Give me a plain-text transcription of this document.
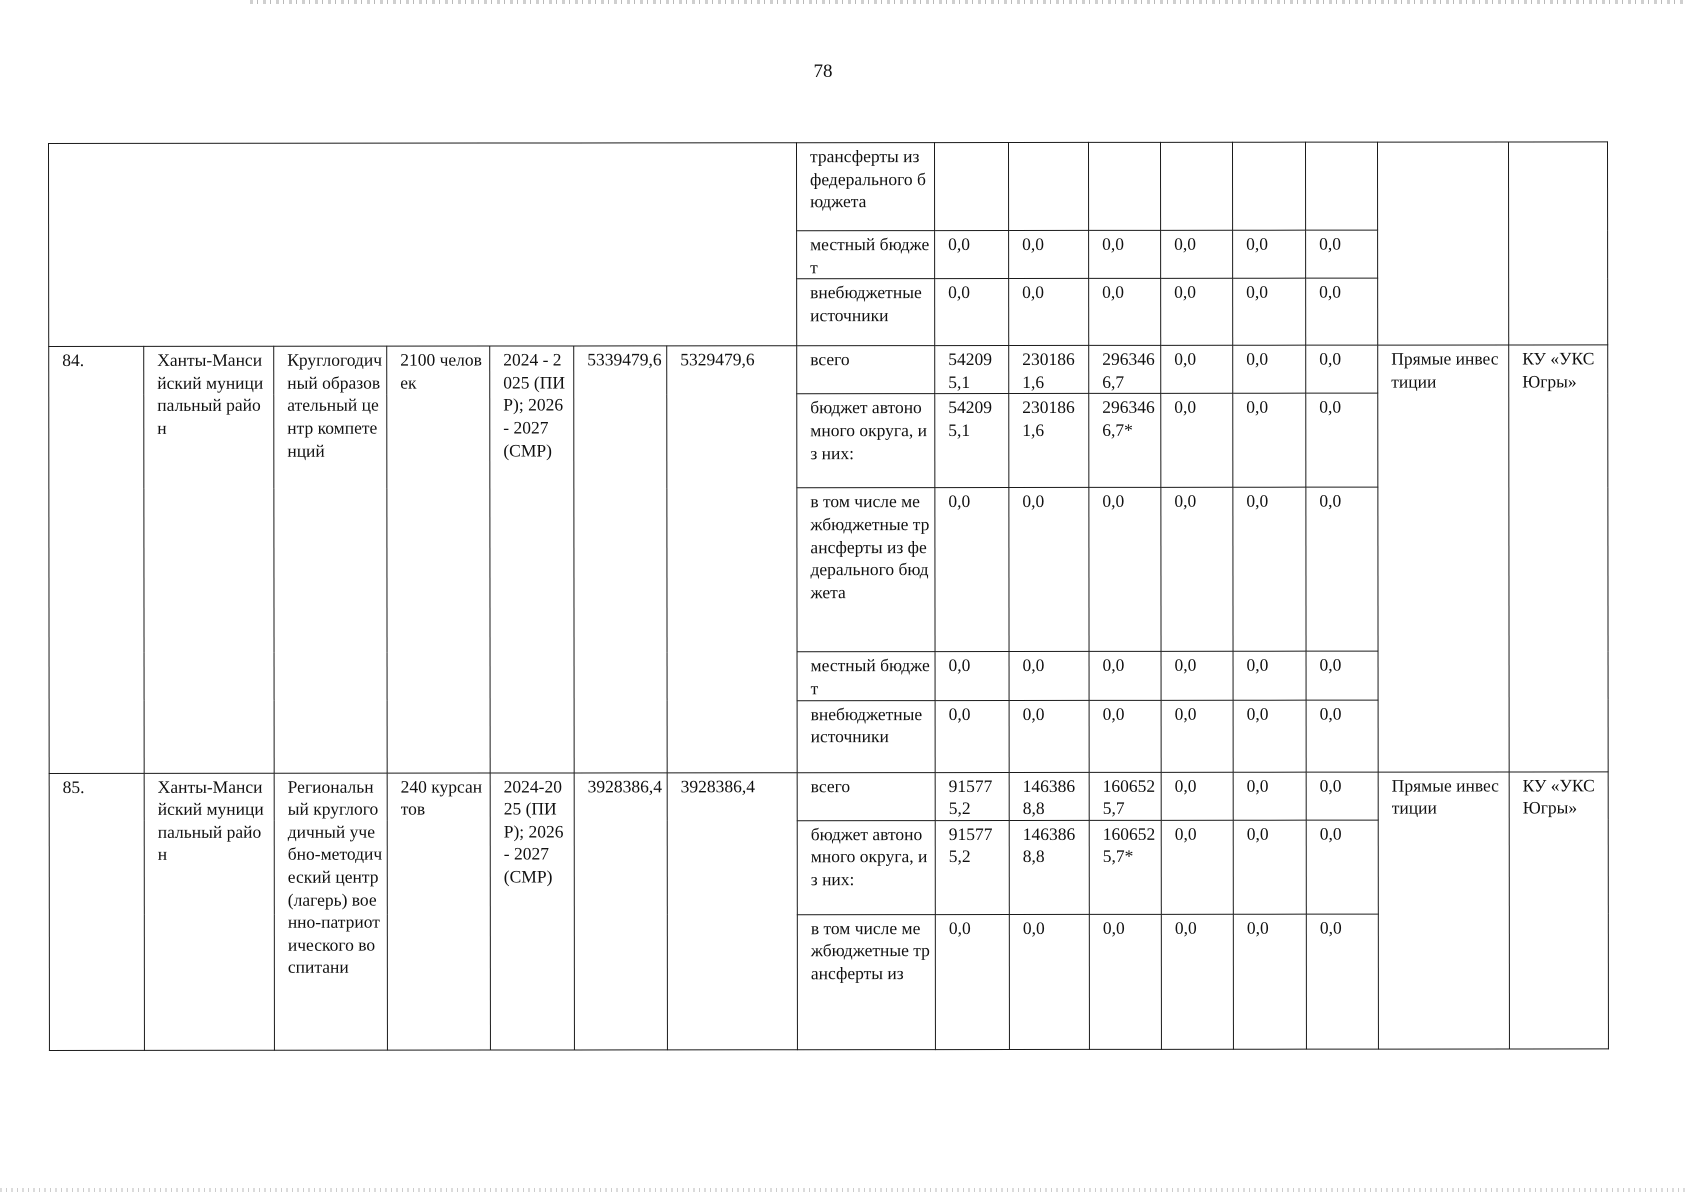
78
							трансферты из федерального бюджета								
							местный бюджет	0,0	0,0	0,0	0,0	0,0	0,0		
							внебюджетные источники	0,0	0,0	0,0	0,0	0,0	0,0		
84.	Ханты-Мансийский муниципальный район	Круглогодичный образовательный центр компетенций	2100 человек	2024 - 2025 (ПИР); 2026 - 2027 (СМР)	5339479,6	5329479,6	всего	542095,1	2301861,6	2963466,7	0,0	0,0	0,0	Прямые инвестиции	КУ «УКС Югры»
							бюджет автономного округа, из них:	542095,1	2301861,6	2963466,7*	0,0	0,0	0,0		
							в том числе межбюджетные трансферты из федерального бюджета	0,0	0,0	0,0	0,0	0,0	0,0		
							местный бюджет	0,0	0,0	0,0	0,0	0,0	0,0		
							внебюджетные источники	0,0	0,0	0,0	0,0	0,0	0,0		
85.	Ханты-Мансийский муниципальный район	Региональный круглогодичный учебно-методический центр (лагерь) военно-патриотического воспитани	240 курсантов	2024-2025 (ПИР); 2026 - 2027 (СМР)	3928386,4	3928386,4	всего	915775,2	1463868,8	1606525,7	0,0	0,0	0,0	Прямые инвестиции	КУ «УКС Югры»
							бюджет автономного округа, из них:	915775,2	1463868,8	1606525,7*	0,0	0,0	0,0		
							в том числе межбюджетные трансферты из	0,0	0,0	0,0	0,0	0,0	0,0		
